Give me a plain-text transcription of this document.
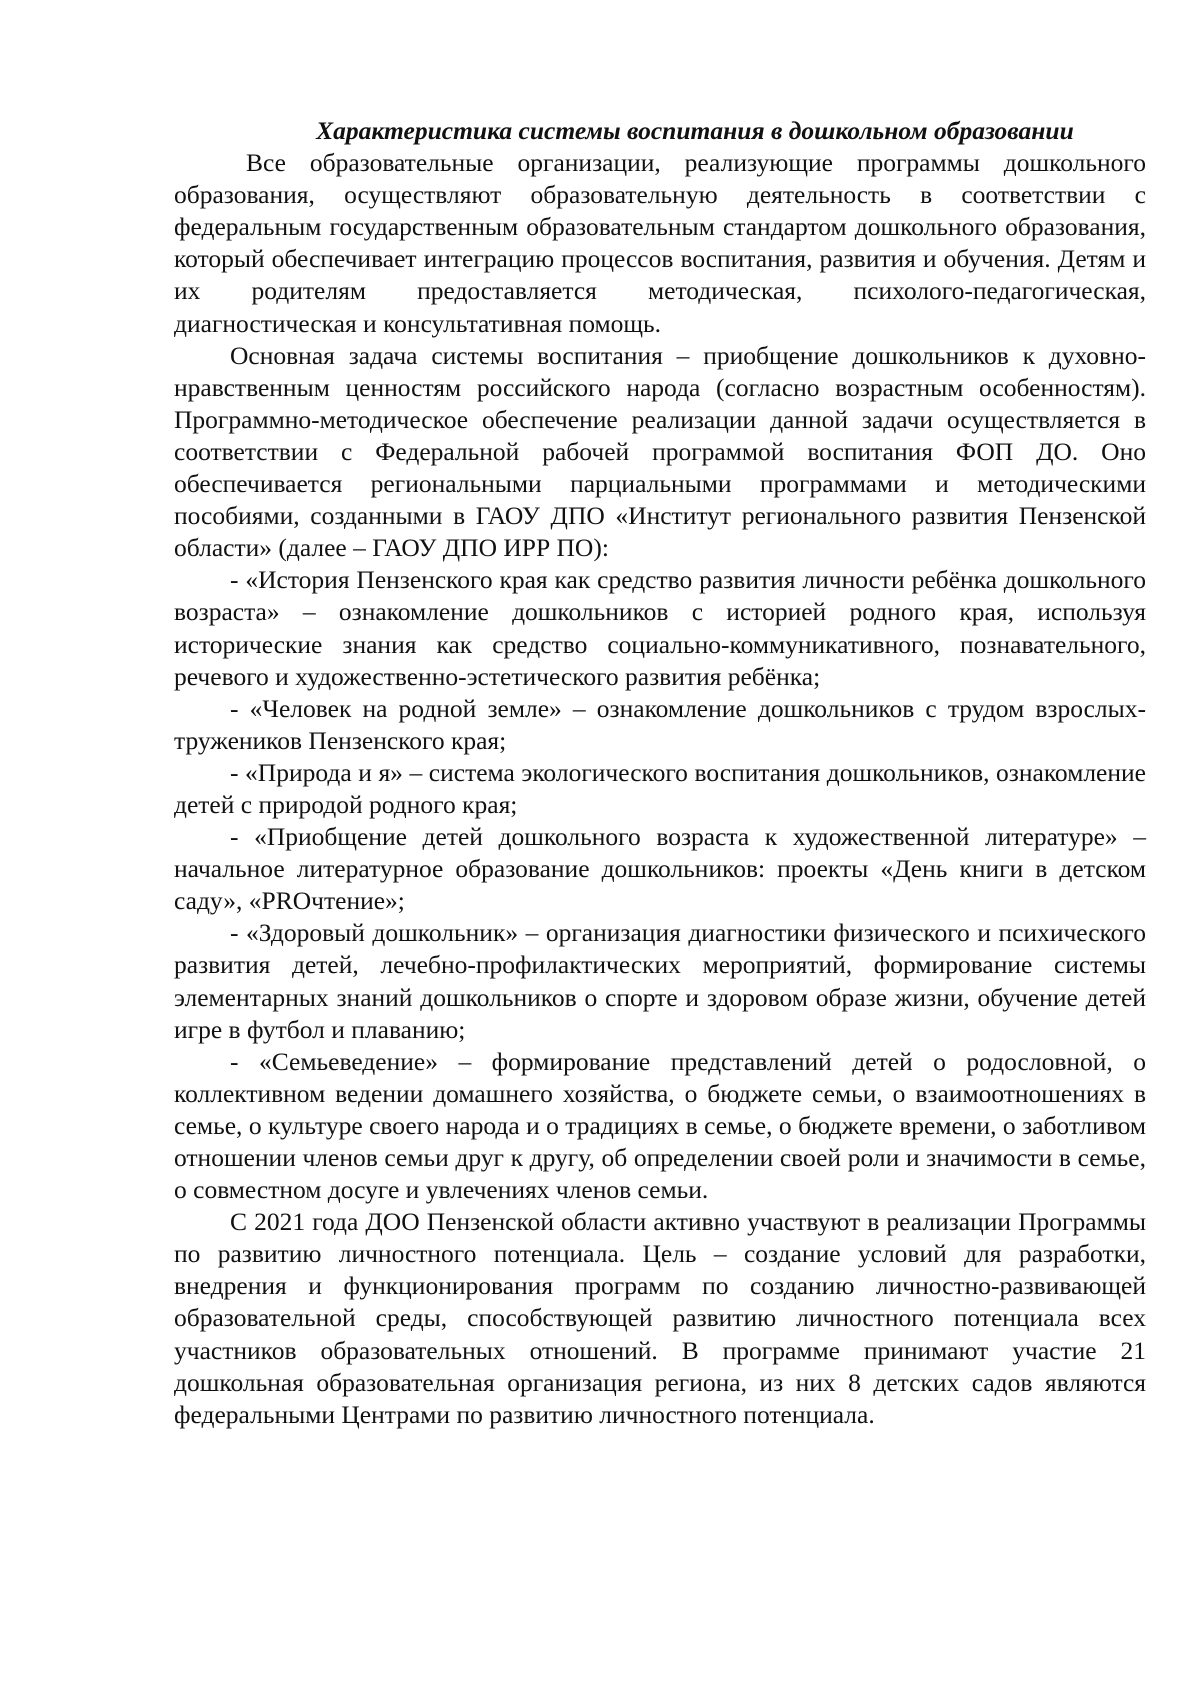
Характеристика системы воспитания в дошкольном образовании

Все образовательные организации, реализующие программы дошкольного образования, осуществляют образовательную деятельность в соответствии с федеральным государственным образовательным стандартом дошкольного образования, который обеспечивает интеграцию процессов воспитания, развития и обучения. Детям и их родителям предоставляется методическая, психолого-педагогическая, диагностическая и консультативная помощь.

Основная задача системы воспитания – приобщение дошкольников к духовно-нравственным ценностям российского народа (согласно возрастным особенностям). Программно-методическое обеспечение реализации данной задачи осуществляется в соответствии с Федеральной рабочей программой воспитания ФОП ДО. Оно обеспечивается региональными парциальными программами и методическими пособиями, созданными в ГАОУ ДПО «Институт регионального развития Пензенской области» (далее – ГАОУ ДПО ИРР ПО):

- «История Пензенского края как средство развития личности ребёнка дошкольного возраста» – ознакомление дошкольников с историей родного края, используя исторические знания как средство социально-коммуникативного, познавательного, речевого и художественно-эстетического развития ребёнка;

- «Человек на родной земле» – ознакомление дошкольников с трудом взрослых-тружеников Пензенского края;

- «Природа и я» – система экологического воспитания дошкольников, ознакомление детей с природой родного края;

- «Приобщение детей дошкольного возраста к художественной литературе» – начальное литературное образование дошкольников: проекты «День книги в детском саду», «PROчтение»;

- «Здоровый дошкольник» – организация диагностики физического и психического развития детей, лечебно-профилактических мероприятий, формирование системы элементарных знаний дошкольников о спорте и здоровом образе жизни, обучение детей игре в футбол и плаванию;

- «Семьеведение» – формирование представлений детей о родословной, о коллективном ведении домашнего хозяйства, о бюджете семьи, о взаимоотношениях в семье, о культуре своего народа и о традициях в семье, о бюджете времени, о заботливом отношении членов семьи друг к другу, об определении своей роли и значимости в семье, о совместном досуге и увлечениях членов семьи.

С 2021 года ДОО Пензенской области активно участвуют в реализации Программы по развитию личностного потенциала. Цель – создание условий для разработки, внедрения и функционирования программ по созданию личностно-развивающей образовательной среды, способствующей развитию личностного потенциала всех участников образовательных отношений. В программе принимают участие 21 дошкольная образовательная организация региона, из них 8 детских садов являются федеральными Центрами по развитию личностного потенциала.
